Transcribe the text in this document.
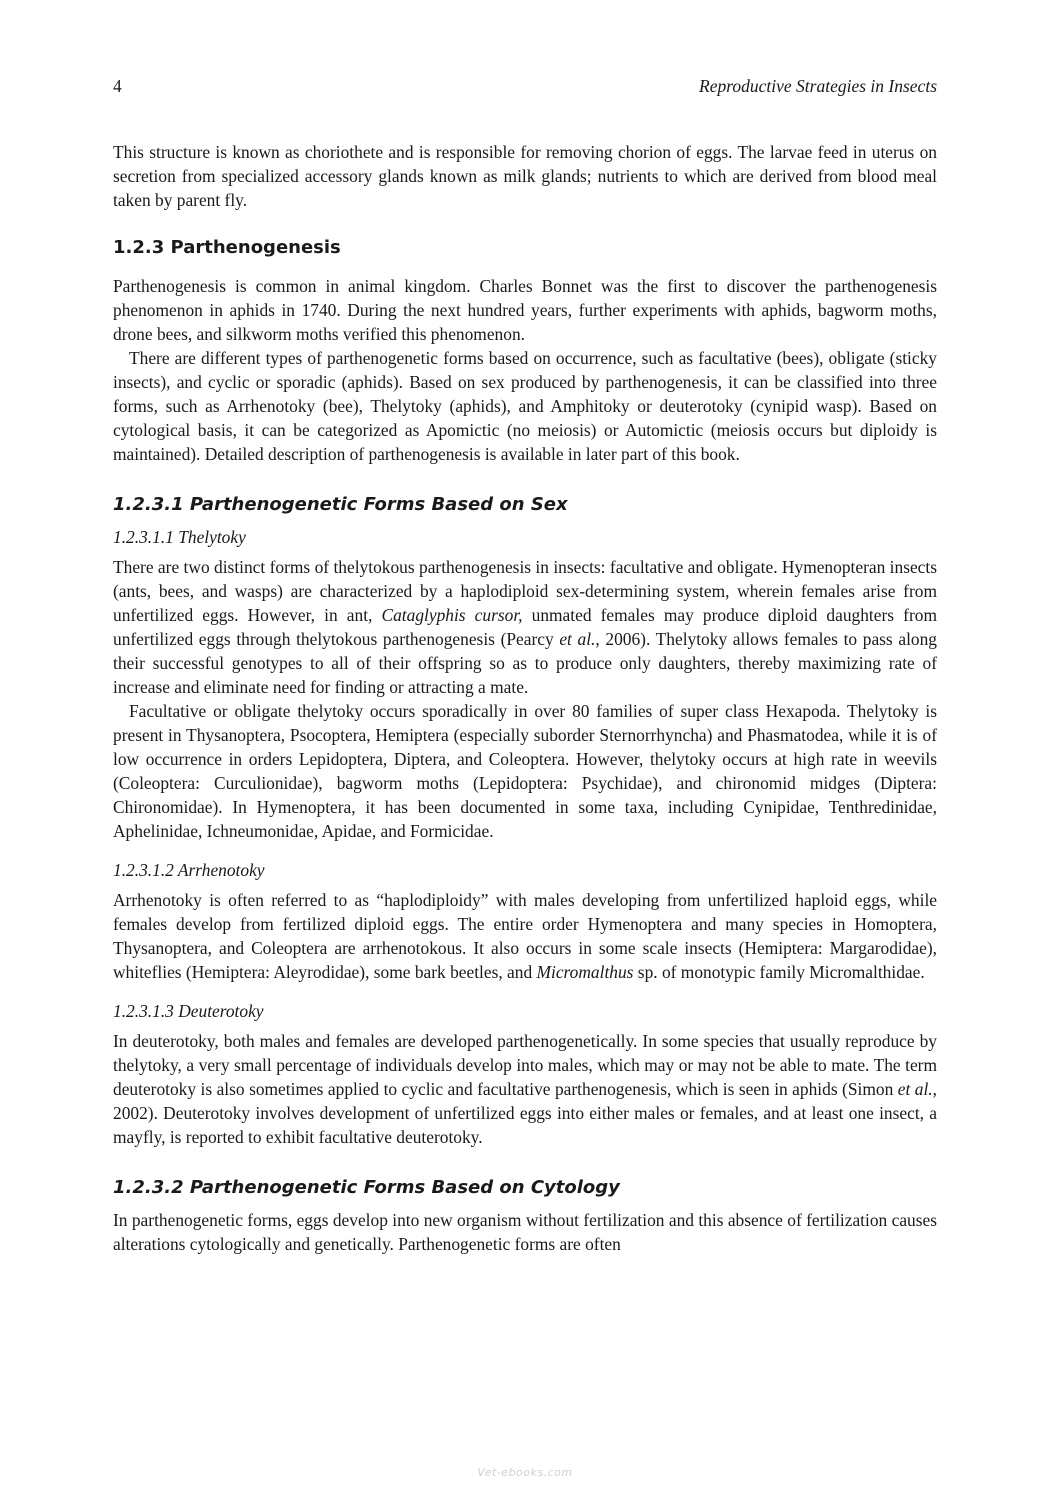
4	Reproductive Strategies in Insects

This structure is known as choriothete and is responsible for removing chorion of eggs. The larvae feed in uterus on secretion from specialized accessory glands known as milk glands; nutrients to which are derived from blood meal taken by parent fly.

1.2.3 Parthenogenesis

Parthenogenesis is common in animal kingdom. Charles Bonnet was the first to discover the parthenogenesis phenomenon in aphids in 1740. During the next hundred years, further experiments with aphids, bagworm moths, drone bees, and silkworm moths verified this phenomenon.

There are different types of parthenogenetic forms based on occurrence, such as facultative (bees), obligate (sticky insects), and cyclic or sporadic (aphids). Based on sex produced by parthenogenesis, it can be classified into three forms, such as Arrhenotoky (bee), Thelytoky (aphids), and Amphitoky or deuterotoky (cynipid wasp). Based on cytological basis, it can be categorized as Apomictic (no meiosis) or Automictic (meiosis occurs but diploidy is maintained). Detailed description of parthenogenesis is available in later part of this book.

1.2.3.1 Parthenogenetic Forms Based on Sex
1.2.3.1.1 Thelytoky

There are two distinct forms of thelytokous parthenogenesis in insects: facultative and obligate. Hymenopteran insects (ants, bees, and wasps) are characterized by a haplodiploid sex-determining system, wherein females arise from unfertilized eggs. However, in ant, Cataglyphis cursor, unmated females may produce diploid daughters from unfertilized eggs through thelytokous parthenogenesis (Pearcy et al., 2006). Thelytoky allows females to pass along their successful genotypes to all of their offspring so as to produce only daughters, thereby maximizing rate of increase and eliminate need for finding or attracting a mate.

Facultative or obligate thelytoky occurs sporadically in over 80 families of super class Hexapoda. Thelytoky is present in Thysanoptera, Psocoptera, Hemiptera (especially suborder Sternorrhyncha) and Phasmatodea, while it is of low occurrence in orders Lepidoptera, Diptera, and Coleoptera. However, thelytoky occurs at high rate in weevils (Coleoptera: Curculionidae), bagworm moths (Lepidoptera: Psychidae), and chironomid midges (Diptera: Chironomidae). In Hymenoptera, it has been documented in some taxa, including Cynipidae, Tenthredinidae, Aphelinidae, Ichneumonidae, Apidae, and Formicidae.

1.2.3.1.2 Arrhenotoky

Arrhenotoky is often referred to as “haplodiploidy” with males developing from unfertilized haploid eggs, while females develop from fertilized diploid eggs. The entire order Hymenoptera and many species in Homoptera, Thysanoptera, and Coleoptera are arrhenotokous. It also occurs in some scale insects (Hemiptera: Margarodidae), whiteflies (Hemiptera: Aleyrodidae), some bark beetles, and Micromalthus sp. of monotypic family Micromalthidae.

1.2.3.1.3 Deuterotoky

In deuterotoky, both males and females are developed parthenogenetically. In some species that usually reproduce by thelytoky, a very small percentage of individuals develop into males, which may or may not be able to mate. The term deuterotoky is also sometimes applied to cyclic and facultative parthenogenesis, which is seen in aphids (Simon et al., 2002). Deuterotoky involves development of unfertilized eggs into either males or females, and at least one insect, a mayfly, is reported to exhibit facultative deuterotoky.

1.2.3.2 Parthenogenetic Forms Based on Cytology

In parthenogenetic forms, eggs develop into new organism without fertilization and this absence of fertilization causes alterations cytologically and genetically. Parthenogenetic forms are often

Vet-ebooks.com
